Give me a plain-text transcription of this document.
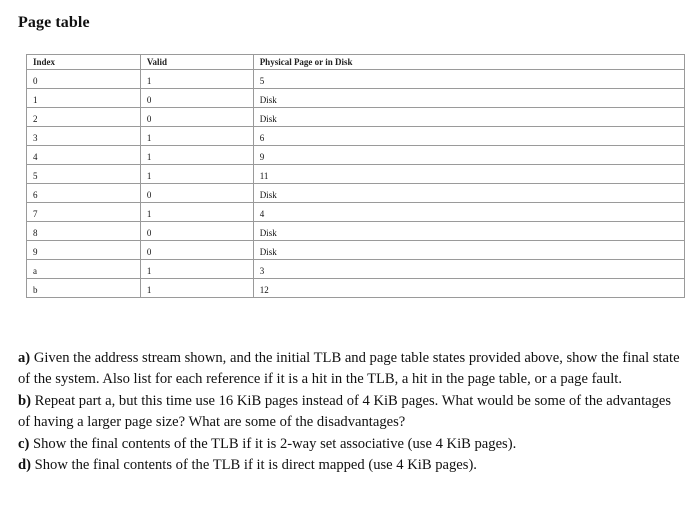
Page table
Index	Valid	Physical Page or in Disk
0	1	5
1	0	Disk
2	0	Disk
3	1	6
4	1	9
5	1	11
6	0	Disk
7	1	4
8	0	Disk
9	0	Disk
a	1	3
b	1	12

a) Given the address stream shown, and the initial TLB and page table states provided above, show the final state of the system. Also list for each reference if it is a hit in the TLB, a hit in the page table, or a page fault.

b) Repeat part a, but this time use 16 KiB pages instead of 4 KiB pages. What would be some of the advantages of having a larger page size? What are some of the disadvantages?

c) Show the final contents of the TLB if it is 2-way set associative (use 4 KiB pages).

d) Show the final contents of the TLB if it is direct mapped (use 4 KiB pages).
